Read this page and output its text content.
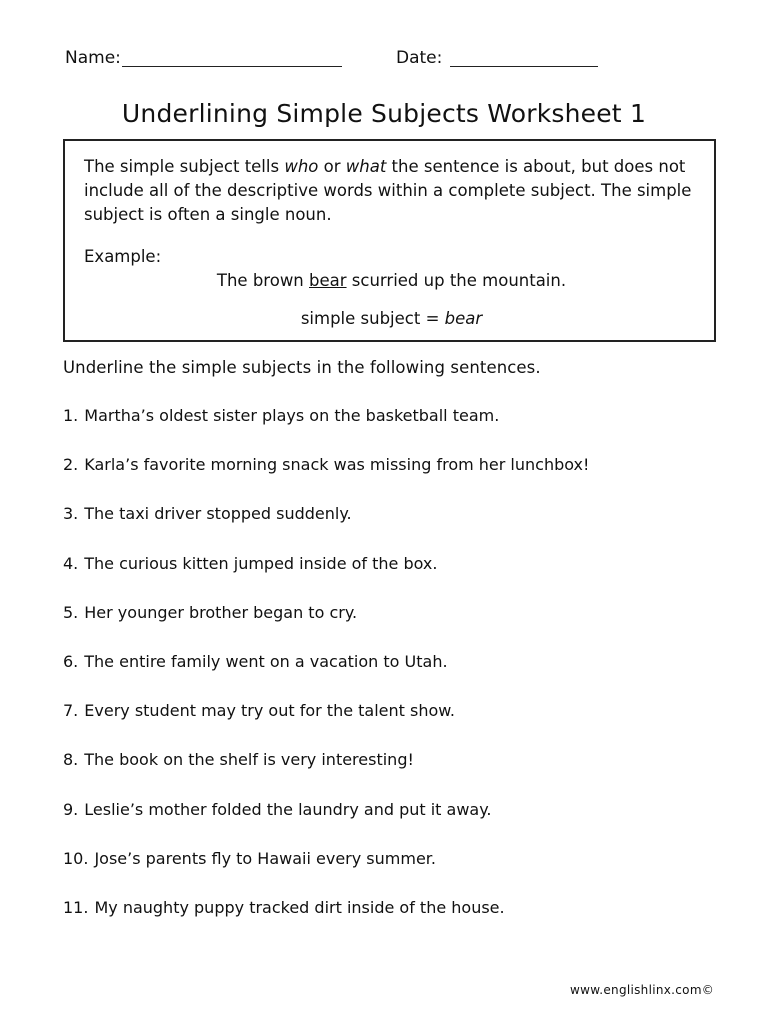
Name:	Date:
Underlining Simple Subjects Worksheet 1
The simple subject tells who or what the sentence is about, but does not include all of the descriptive words within a complete subject. The simple subject is often a single noun.
Example:
The brown bear scurried up the mountain.
simple subject = bear
Underline the simple subjects in the following sentences.
1. Martha’s oldest sister plays on the basketball team.
2. Karla’s favorite morning snack was missing from her lunchbox!
3. The taxi driver stopped suddenly.
4. The curious kitten jumped inside of the box.
5. Her younger brother began to cry.
6. The entire family went on a vacation to Utah.
7. Every student may try out for the talent show.
8. The book on the shelf is very interesting!
9. Leslie’s mother folded the laundry and put it away.
10. Jose’s parents fly to Hawaii every summer.
11. My naughty puppy tracked dirt inside of the house.
www.englishlinx.com©
